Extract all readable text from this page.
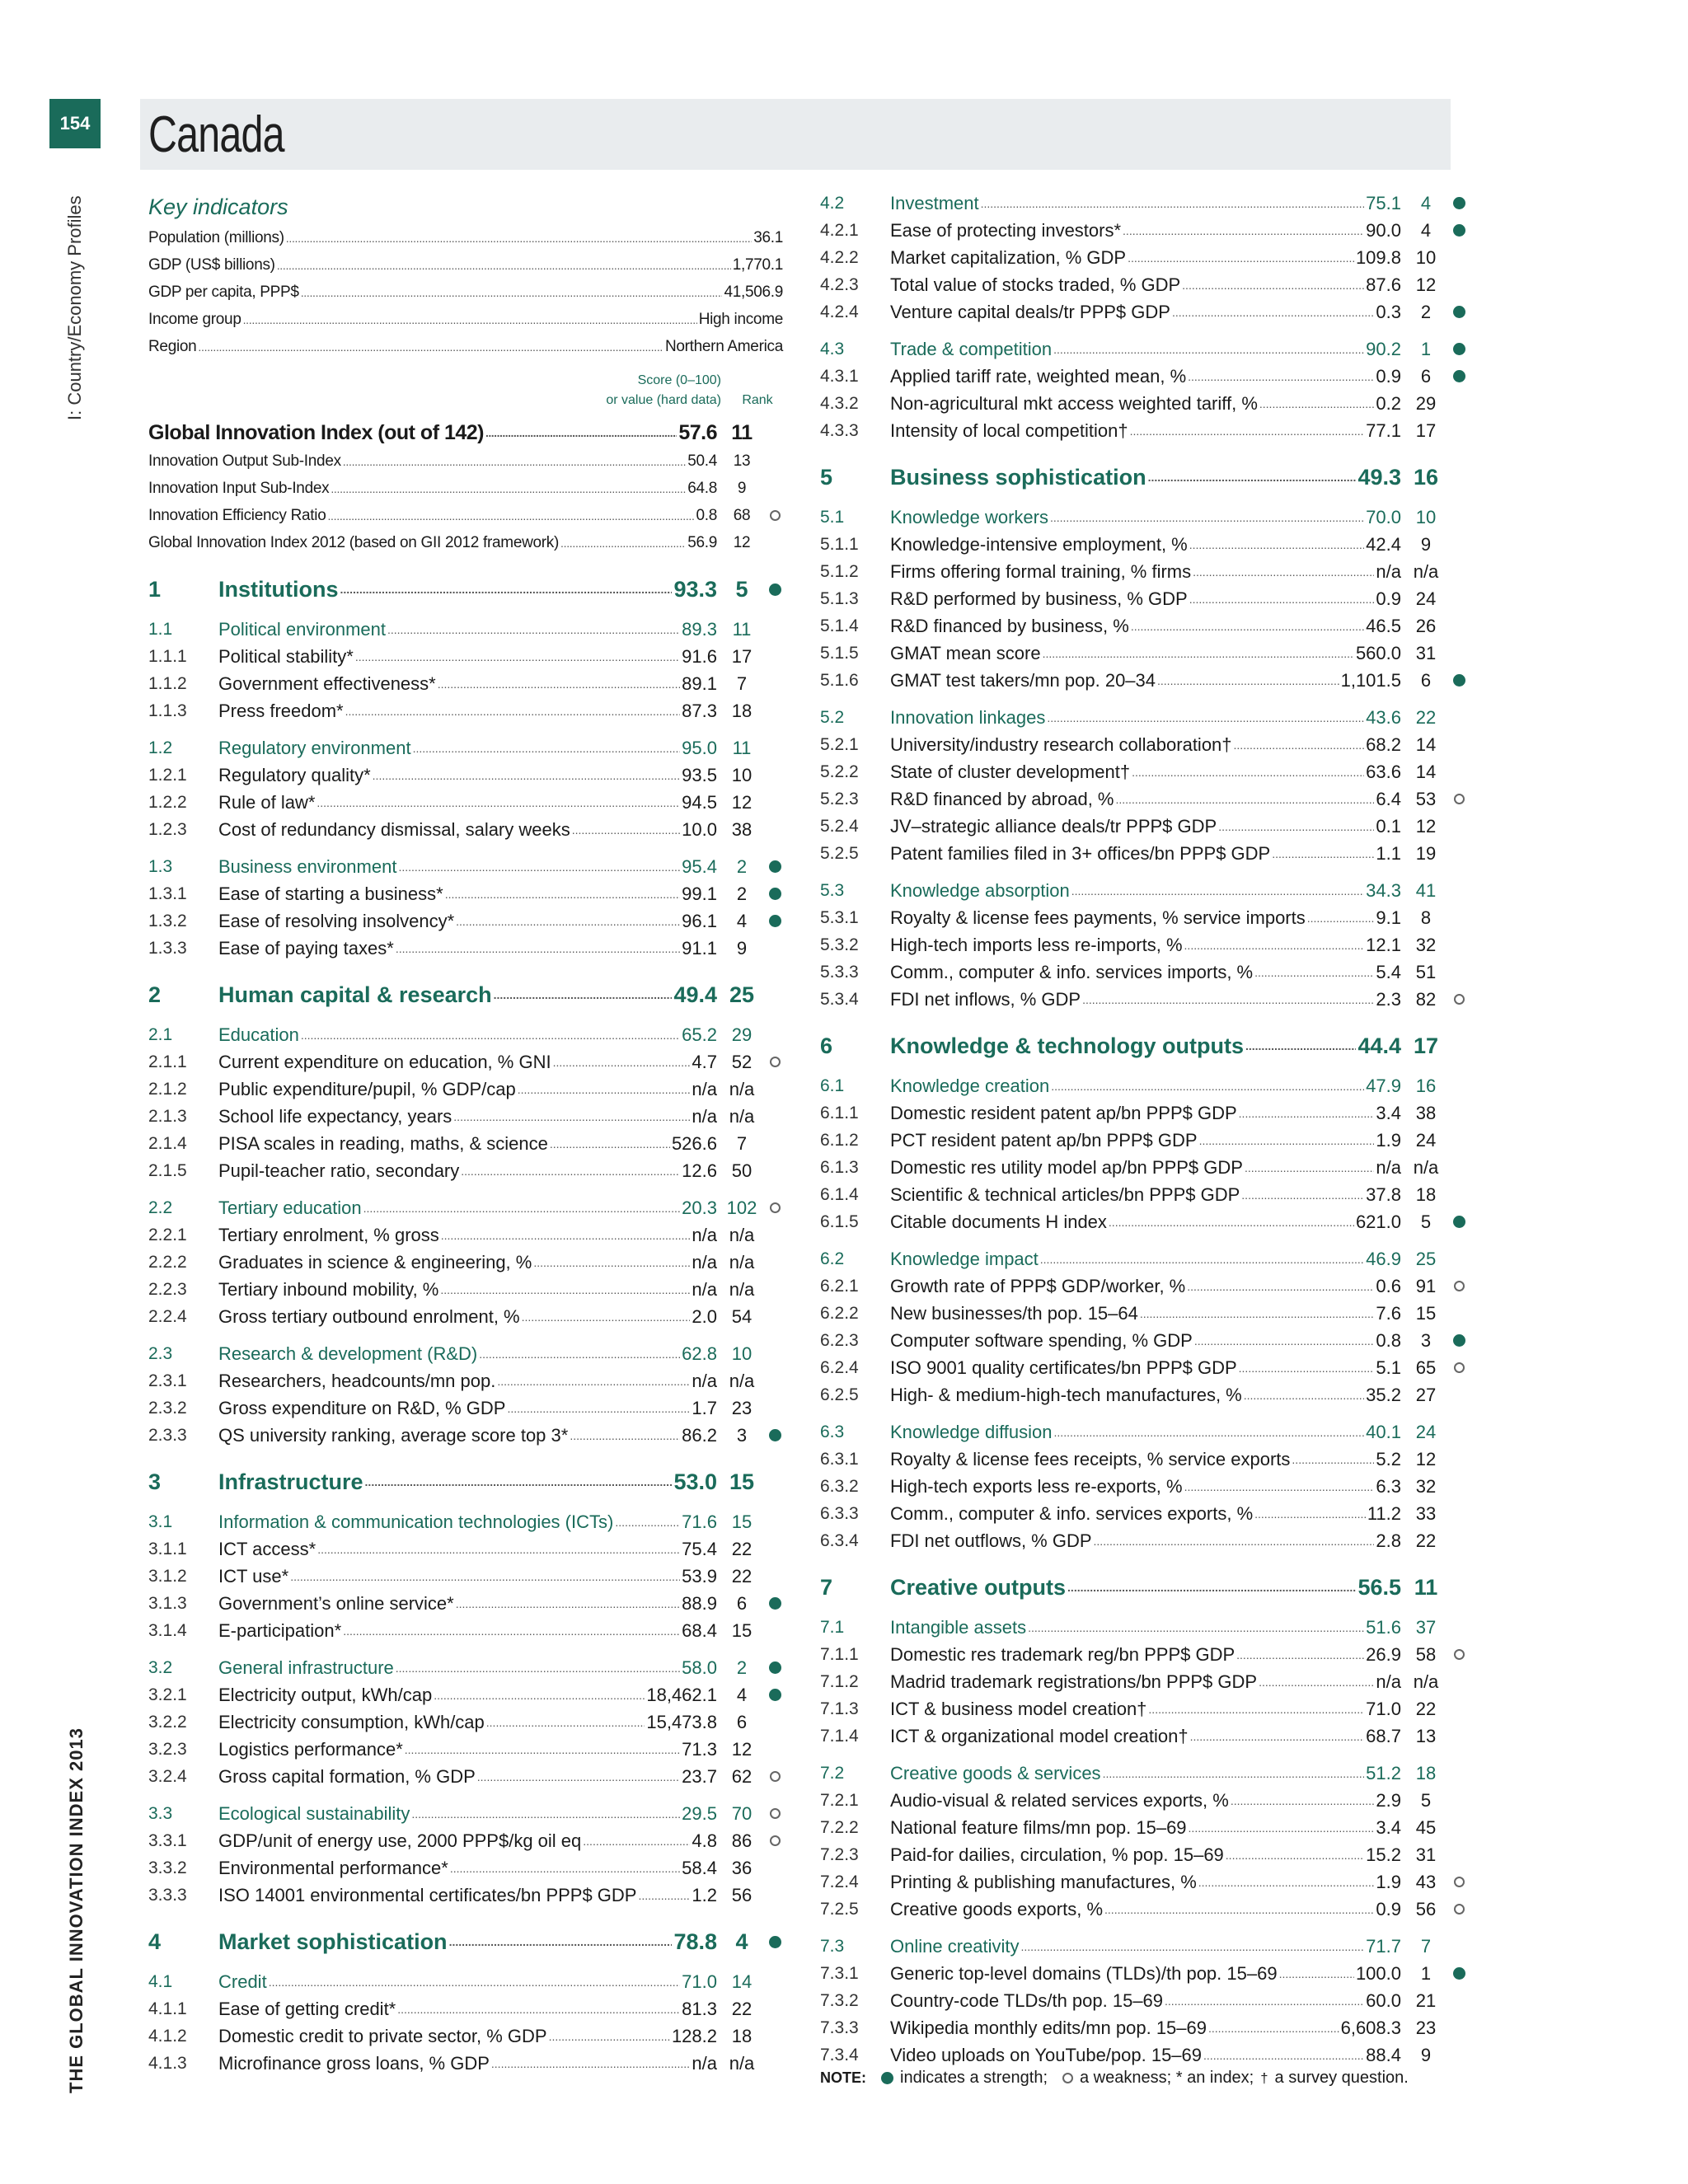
154
I: Country/Economy Profiles
THE GLOBAL INNOVATION INDEX 2013
Canada
Key indicators
Population (millions) .....	36.1
GDP (US$ billions) .....	1,770.1
GDP per capita, PPP$ .....	41,506.9
Income group .....	High income
Region .....	Northern America
Score (0–100)
or value (hard data)	Rank
Global Innovation Index (out of 142) .....	57.6 11
Innovation Output Sub-Index .....	50.4	13
Innovation Input Sub-Index .....	64.8	9
Innovation Efficiency Ratio .....	0.8	68
Global Innovation Index 2012 (based on GII 2012 framework) .....	56.9	12
1	Institutions .....	93.3 5
1.1	Political environment .....	89.3 11
1.1.1	Political stability* .....	91.6 17
1.1.2	Government effectiveness* .....	89.1	7
1.1.3	Press freedom* .....	87.3 18
1.2	Regulatory environment .....	95.0 11
1.2.1	Regulatory quality* .....	93.5 10
1.2.2	Rule of law* .....	94.5 12
1.2.3	Cost of redundancy dismissal, salary weeks .....	10.0 38
1.3	Business environment .....	95.4	2
1.3.1	Ease of starting a business* .....	99.1	2
1.3.2	Ease of resolving insolvency* .....	96.1	4
1.3.3	Ease of paying taxes* .....	91.1	9
2	Human capital & research .....	49.4 25
2.1	Education .....	65.2 29
2.1.1	Current expenditure on education, % GNI .....	4.7 52
2.1.2	Public expenditure/pupil, % GDP/cap .....	n/a n/a
2.1.3	School life expectancy, years .....	n/a n/a
2.1.4	PISA scales in reading, maths, & science .....	526.6	7
2.1.5	Pupil-teacher ratio, secondary .....	12.6 50
2.2	Tertiary education .....	20.3 102
2.2.1	Tertiary enrolment, % gross .....	n/a n/a
2.2.2	Graduates in science & engineering, % .....	n/a n/a
2.2.3	Tertiary inbound mobility, % .....	n/a n/a
2.2.4	Gross tertiary outbound enrolment, % .....	2.0 54
2.3	Research & development (R&D) .....	62.8 10
2.3.1	Researchers, headcounts/mn pop. .....	n/a n/a
2.3.2	Gross expenditure on R&D, % GDP .....	1.7 23
2.3.3	QS university ranking, average score top 3* .....	86.2	3
3	Infrastructure .....	53.0 15
3.1	Information & communication technologies (ICTs) .....	71.6 15
3.1.1	ICT access* .....	75.4 22
3.1.2	ICT use* .....	53.9 22
3.1.3	Government’s online service* .....	88.9	6
3.1.4	E-participation* .....	68.4 15
3.2	General infrastructure .....	58.0	2
3.2.1	Electricity output, kWh/cap .....	18,462.1	4
3.2.2	Electricity consumption, kWh/cap .....	15,473.8	6
3.2.3	Logistics performance* .....	71.3 12
3.2.4	Gross capital formation, % GDP .....	23.7 62
3.3	Ecological sustainability .....	29.5 70
3.3.1	GDP/unit of energy use, 2000 PPP$/kg oil eq .....	4.8 86
3.3.2	Environmental performance* .....	58.4 36
3.3.3	ISO 14001 environmental certificates/bn PPP$ GDP .....	1.2 56
4	Market sophistication .....	78.8 4
4.1	Credit .....	71.0 14
4.1.1	Ease of getting credit* .....	81.3 22
4.1.2	Domestic credit to private sector, % GDP .....	128.2 18
4.1.3	Microfinance gross loans, % GDP .....	n/a n/a
4.2	Investment .....	75.1	4
4.2.1	Ease of protecting investors* .....	90.0	4
4.2.2	Market capitalization, % GDP .....	109.8 10
4.2.3	Total value of stocks traded, % GDP .....	87.6 12
4.2.4	Venture capital deals/tr PPP$ GDP .....	0.3	2
4.3	Trade & competition .....	90.2	1
4.3.1	Applied tariff rate, weighted mean, % .....	0.9	6
4.3.2	Non-agricultural mkt access weighted tariff, % .....	0.2 29
4.3.3	Intensity of local competition† .....	77.1 17
5	Business sophistication .....	49.3 16
5.1	Knowledge workers .....	70.0 10
5.1.1	Knowledge-intensive employment, % .....	42.4	9
5.1.2	Firms offering formal training, % firms .....	n/a n/a
5.1.3	R&D performed by business, % GDP .....	0.9 24
5.1.4	R&D financed by business, % .....	46.5 26
5.1.5	GMAT mean score .....	560.0 31
5.1.6	GMAT test takers/mn pop. 20–34 .....	1,101.5	6
5.2	Innovation linkages .....	43.6 22
5.2.1	University/industry research collaboration† .....	68.2 14
5.2.2	State of cluster development† .....	63.6 14
5.2.3	R&D financed by abroad, % .....	6.4 53
5.2.4	JV–strategic alliance deals/tr PPP$ GDP .....	0.1 12
5.2.5	Patent families filed in 3+ offices/bn PPP$ GDP .....	1.1 19
5.3	Knowledge absorption .....	34.3 41
5.3.1	Royalty & license fees payments, % service imports .....	9.1	8
5.3.2	High-tech imports less re-imports, % .....	12.1 32
5.3.3	Comm., computer & info. services imports, % .....	5.4 51
5.3.4	FDI net inflows, % GDP .....	2.3 82
6	Knowledge & technology outputs .....	44.4 17
6.1	Knowledge creation .....	47.9 16
6.1.1	Domestic resident patent ap/bn PPP$ GDP .....	3.4 38
6.1.2	PCT resident patent ap/bn PPP$ GDP .....	1.9 24
6.1.3	Domestic res utility model ap/bn PPP$ GDP .....	n/a n/a
6.1.4	Scientific & technical articles/bn PPP$ GDP .....	37.8 18
6.1.5	Citable documents H index .....	621.0	5
6.2	Knowledge impact .....	46.9 25
6.2.1	Growth rate of PPP$ GDP/worker, % .....	0.6 91
6.2.2	New businesses/th pop. 15–64 .....	7.6 15
6.2.3	Computer software spending, % GDP .....	0.8	3
6.2.4	ISO 9001 quality certificates/bn PPP$ GDP .....	5.1 65
6.2.5	High- & medium-high-tech manufactures, % .....	35.2 27
6.3	Knowledge diffusion .....	40.1 24
6.3.1	Royalty & license fees receipts, % service exports .....	5.2 12
6.3.2	High-tech exports less re-exports, % .....	6.3 32
6.3.3	Comm., computer & info. services exports, % .....	11.2 33
6.3.4	FDI net outflows, % GDP .....	2.8 22
7	Creative outputs .....	56.5 11
7.1	Intangible assets .....	51.6 37
7.1.1	Domestic res trademark reg/bn PPP$ GDP .....	26.9 58
7.1.2	Madrid trademark registrations/bn PPP$ GDP .....	n/a n/a
7.1.3	ICT & business model creation† .....	71.0 22
7.1.4	ICT & organizational model creation† .....	68.7 13
7.2	Creative goods & services .....	51.2 18
7.2.1	Audio-visual & related services exports, % .....	2.9	5
7.2.2	National feature films/mn pop. 15–69 .....	3.4 45
7.2.3	Paid-for dailies, circulation, % pop. 15–69 .....	15.2 31
7.2.4	Printing & publishing manufactures, % .....	1.9 43
7.2.5	Creative goods exports, % .....	0.9 56
7.3	Online creativity .....	71.7	7
7.3.1	Generic top-level domains (TLDs)/th pop. 15–69 .....	100.0	1
7.3.2	Country-code TLDs/th pop. 15–69 .....	60.0 21
7.3.3	Wikipedia monthly edits/mn pop. 15–69 .....	6,608.3 23
7.3.4	Video uploads on YouTube/pop. 15–69 .....	88.4	9
NOTE: indicates a strength; a weakness; * an index; † a survey question.
